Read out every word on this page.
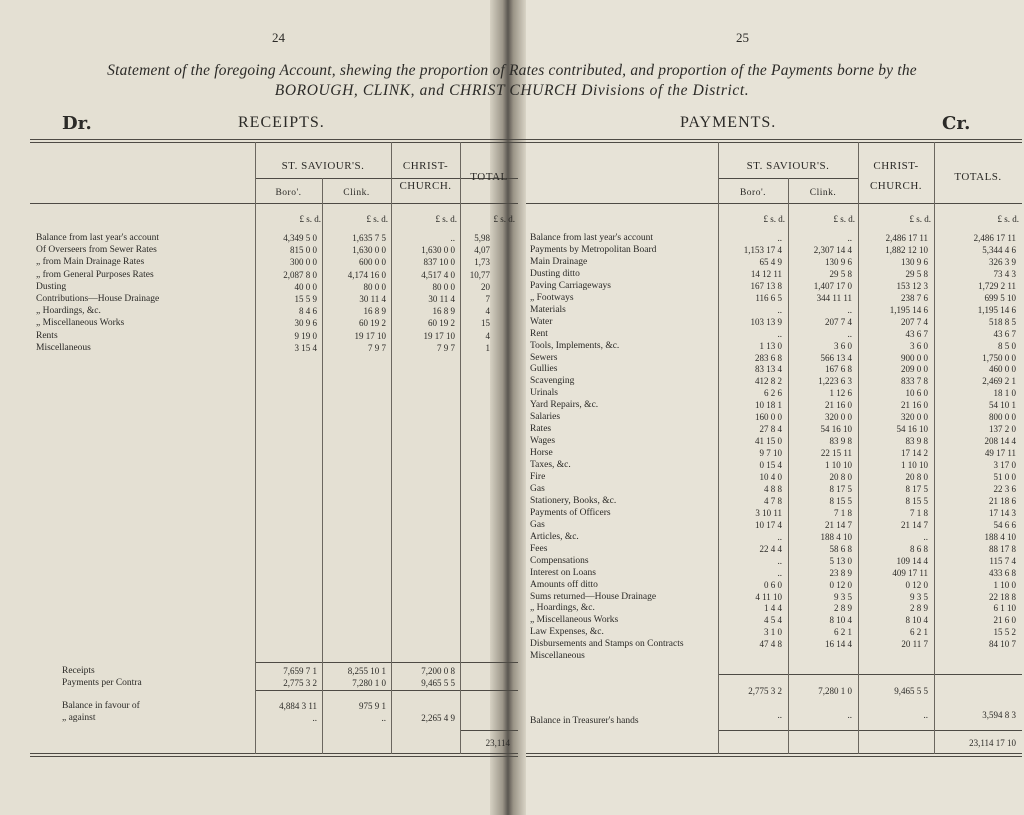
24	25
Statement of the foregoing Account, shewing the proportion of Rates contributed, and proportion of the Payments borne by the
BOROUGH, CLINK, and CHRIST CHURCH Divisions of the District.
Dr.	RECEIPTS.	PAYMENTS.	Cr.
ST. SAVIOUR'S.
Boro'.	Clink.
CHRIST-
CHURCH.
TOTAL
ST. SAVIOUR'S.
Boro'.	Clink.
CHRIST-
CHURCH.
TOTALS.
£ s. d.	£ s. d.	£ s. d.	£ s. d.	£ s. d.	£ s. d.	£ s. d.	£ s. d.
Balance from last year's account	4,349 5 0	1,635 7 5	..	5,98
Of Overseers from Sewer Rates	815 0 0	1,630 0 0	1,630 0 0	4,07
„ from Main Drainage Rates	300 0 0	600 0 0	837 10 0	1,73
„ from General Purposes Rates	2,087 8 0	4,174 16 0	4,517 4 0	10,77
Dusting	40 0 0	80 0 0	80 0 0	20
Contributions—House Drainage	15 5 9	30 11 4	30 11 4	7
„ Hoardings, &c.	8 4 6	16 8 9	16 8 9	4
„ Miscellaneous Works	30 9 6	60 19 2	60 19 2	15
Rents	9 19 0	19 17 10	19 17 10	4
Miscellaneous	3 15 4	7 9 7	7 9 7	1
Receipts	7,659 7 1	8,255 10 1	7,200 0 8
Payments per Contra	2,775 3 2	7,280 1 0	9,465 5 5
Balance in favour of	4,884 3 11	975 9 1
„ against	..	..	2,265 4 9
23,114
Balance from last year's account	..	..	2,486 17 11	2,486 17 11
Payments by Metropolitan Board	1,153 17 4	2,307 14 4	1,882 12 10	5,344 4 6
Main Drainage	65 4 9	130 9 6	130 9 6	326 3 9
Dusting ditto	14 12 11	29 5 8	29 5 8	73 4 3
Paving Carriageways	167 13 8	1,407 17 0	153 12 3	1,729 2 11
„ Footways	116 6 5	344 11 11	238 7 6	699 5 10
Materials	..	..	1,195 14 6	1,195 14 6
Water	103 13 9	207 7 4	207 7 4	518 8 5
Rent	..	..	43 6 7	43 6 7
Tools, Implements, &c.	1 13 0	3 6 0	3 6 0	8 5 0
Sewers	283 6 8	566 13 4	900 0 0	1,750 0 0
Gullies	83 13 4	167 6 8	209 0 0	460 0 0
Scavenging	412 8 2	1,223 6 3	833 7 8	2,469 2 1
Urinals	6 2 6	1 12 6	10 6 0	18 1 0
Yard Repairs, &c.	10 18 1	21 16 0	21 16 0	54 10 1
Salaries	160 0 0	320 0 0	320 0 0	800 0 0
Rates	27 8 4	54 16 10	54 16 10	137 2 0
Wages	41 15 0	83 9 8	83 9 8	208 14 4
Horse	9 7 10	22 15 11	17 14 2	49 17 11
Taxes, &c.	0 15 4	1 10 10	1 10 10	3 17 0
Fire	10 4 0	20 8 0	20 8 0	51 0 0
Gas	4 8 8	8 17 5	8 17 5	22 3 6
Stationery, Books, &c.	4 7 8	8 15 5	8 15 5	21 18 6
Payments of Officers	3 10 11	7 1 8	7 1 8	17 14 3
Gas	10 17 4	21 14 7	21 14 7	54 6 6
Articles, &c.	..	188 4 10	..	188 4 10
Fees	22 4 4	58 6 8	8 6 8	88 17 8
Compensations	..	5 13 0	109 14 4	115 7 4
Interest on Loans	..	23 8 9	409 17 11	433 6 8
Amounts off ditto	0 6 0	0 12 0	0 12 0	1 10 0
Sums returned—House Drainage	4 11 10	9 3 5	9 3 5	22 18 8
„ Hoardings, &c.	1 4 4	2 8 9	2 8 9	6 1 10
„ Miscellaneous Works	4 5 4	8 10 4	8 10 4	21 6 0
Law Expenses, &c.	3 1 0	6 2 1	6 2 1	15 5 2
Disbursements and Stamps on Contracts	47 4 8	16 14 4	20 11 7	84 10 7
Miscellaneous
2,775 3 2	7,280 1 0	9,465 5 5
Balance in Treasurer's hands
..	..	..	3,594 8 3
23,114 17 10
